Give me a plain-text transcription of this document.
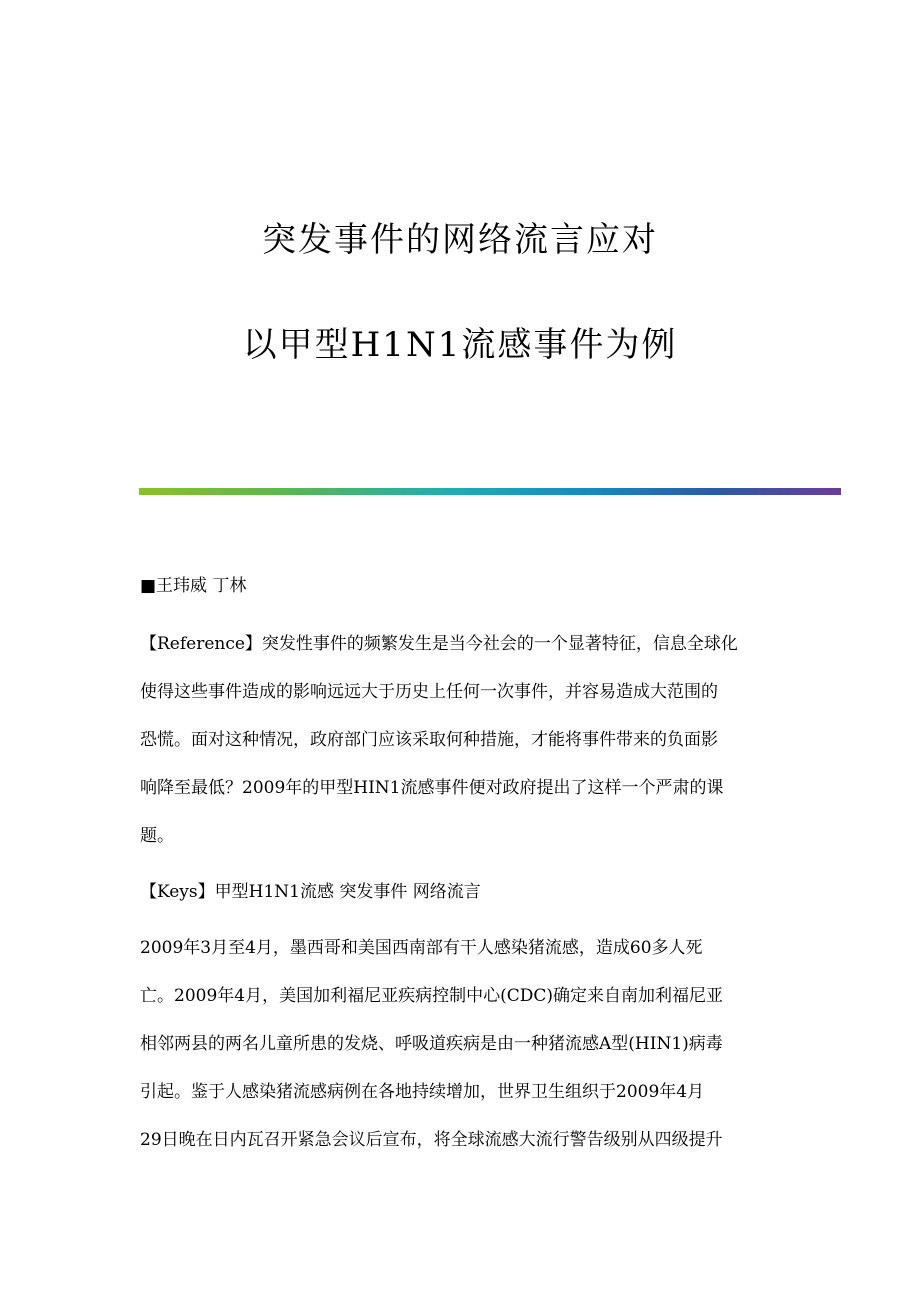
突发事件的网络流言应对
以甲型H1N1流感事件为例
■王玮威 丁林
【Reference】突发性事件的频繁发生是当今社会的一个显著特征，信息全球化
使得这些事件造成的影响远远大于历史上任何一次事件，并容易造成大范围的
恐慌。面对这种情况，政府部门应该采取何种措施，才能将事件带来的负面影
响降至最低？2009年的甲型HIN1流感事件便对政府提出了这样一个严肃的课
题。
【Keys】甲型H1N1流感 突发事件 网络流言
2009年3月至4月，墨西哥和美国西南部有干人感染猪流感，造成60多人死
亡。2009年4月，美国加利福尼亚疾病控制中心(CDC)确定来自南加利福尼亚
相邻两县的两名儿童所患的发烧、呼吸道疾病是由一种猪流感A型(HIN1)病毒
引起。鉴于人感染猪流感病例在各地持续增加，世界卫生组织于2009年4月
29日晚在日内瓦召开紧急会议后宣布，将全球流感大流行警告级别从四级提升
